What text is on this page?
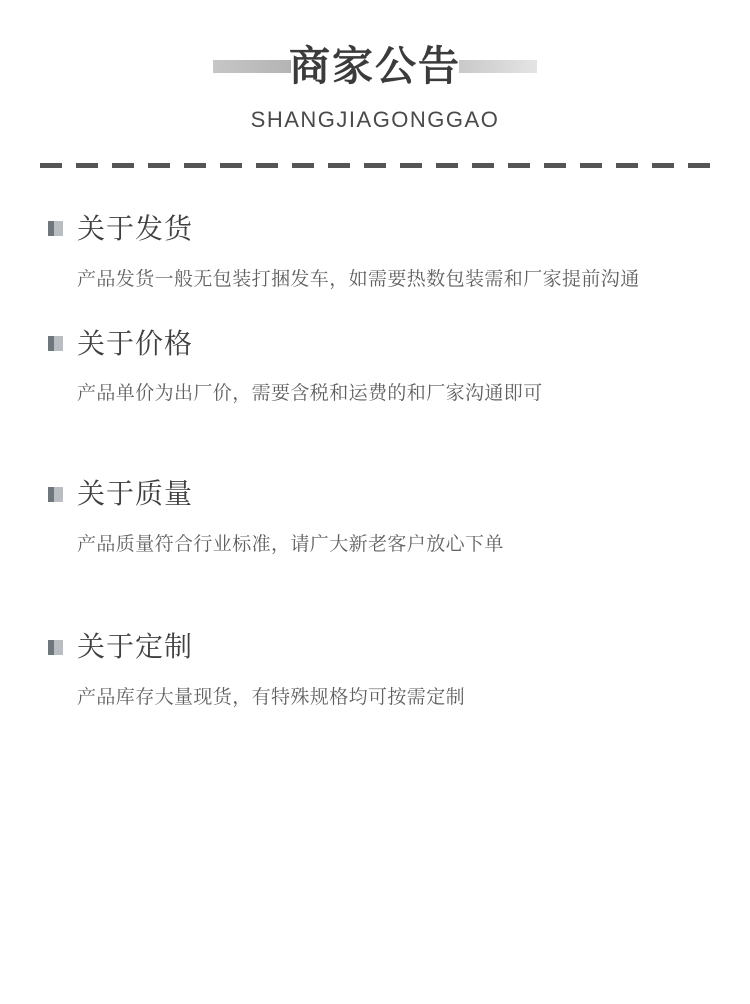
商家公告
SHANGJIAGONGGAO
关于发货
产品发货一般无包装打捆发车，如需要热数包装需和厂家提前沟通
关于价格
产品单价为出厂价，需要含税和运费的和厂家沟通即可
关于质量
产品质量符合行业标准，请广大新老客户放心下单
关于定制
产品库存大量现货，有特殊规格均可按需定制
